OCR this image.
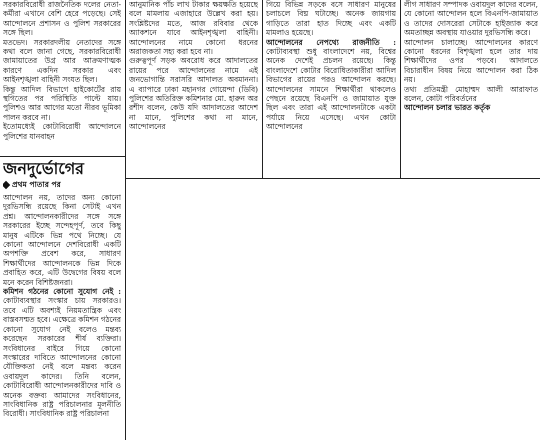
সরকারবিরোধী রাজনৈতিক দলের নেতা-কর্মীরা এখানে বেশি হেরে পড়েছে। সেই আন্দোলনে প্রশাসন ও পুলিশ সরকারের সঙ্গে ছিল।

মতভেদ। সরকারদলীয় নেতাদের সঙ্গে কথা বলে জানা গেছে, সরকারবিরোধী জামায়াতের উগ্র আর আক্রমণাত্মক কারণে একদিন সরকার এবং আইনশৃঙ্খলা বাহিনী সংযত ছিল।

কিন্তু আদিল বিভাগে হাইকোর্টের রায় স্থগিতের পর পরিস্থিতি পাল্টে যায়। পুলিশও আর আগের মতো নীরব ভূমিকা পালন করবে না।

ইতোমধ্যেই কোটাবিরোধী আন্দোলনে পুলিশের যানবাহন

আনুমানিক পাঁচ লাখ টাকার ক্ষয়ক্ষতি হয়েছে বলে মামলায় এজাহারে উল্লেখ করা হয়। সংশ্লিষ্টদের মতে, আজ রবিবার থেকে অ্যাকশনে যাবে আইনশৃঙ্খলা বাহিনী। আন্দোলনের নামে কোনো ধরনের অরাজকতা সহ্য করা হবে না।

গুরুত্বপূর্ণ সড়ক অবরোধ করে আদালতের রায়ের পরে আন্দোলনের নামে এই জনভোগান্তি সরাসরি আদালত অবমাননা। এ ব্যাপারে ঢাকা মহানগর গোয়েন্দা (ডিবি) পুলিশের অতিরিক্ত কমিশনার মো. হারুন অর রশীদ বলেন, কেউ যদি আদালতের আদেশ না মানে, পুলিশের কথা না মানে, আন্দোলনের

গিয়ে বিভিন্ন সড়কে বসে সাধারণ মানুষের চলাচলে বিঘ্ন ঘটাচ্ছে। অনেক জায়গায় গাড়িতে তারা হাত দিচ্ছে এবং একটি মামলাও হয়েছে।

আন্দোলনের নেপথ্যে রাজনীতি : কোটাব্যবস্থা শুধু বাংলাদেশে নয়, বিশ্বের অনেক দেশেই প্রচলন রয়েছে। কিন্তু বাংলাদেশে কোটার বিরোধিতাকারীরা আদিল বিভাগের রায়ের পরও আন্দোলন করছে। আন্দোলনের সামনে শিক্ষার্থীরা থাকলেও পেছনে রয়েছে বিএনপি ও জামায়াত যুক্ত ছিল এবং তারা এই আন্দোলনটাকে একটা পর্যায়ে নিয়ে এসেছে। এখন কোটা আন্দোলনের

লীগ সাধারণ সম্পাদক ওবায়দুল কাদের বলেন, যে কোনো আন্দোলন হলে বিএনপি-জামায়াত ও তাদের দোসরেরা সেটাকে হাইজ্যাক করে অমতাচ্ছন্ন অবস্থায় যাওয়ার দুরভিসন্ধি করে।

আন্দোলন চালাচ্ছে। আন্দোলনের কারণে কোনো ধরনের বিশৃঙ্খলা হলে তার দায় শিক্ষার্থীদের ওপর পড়বে। আদালতে বিচারাধীন বিষয় নিয়ে আন্দোলন করা ঠিক নয়।

তথ্য প্রতিমন্ত্রী মোহাম্মদ আলী আরাফাত বলেন, কোটা পরিবর্তনের

আন্দোলন চলার ভারত কর্তৃক

জনদুর্ভোগের

প্রথম পাতার পর

আন্দোলন নয়, তাদের অন্য কোনো দুরভিসন্ধি রয়েছে কিনা সেটাই এখন প্রশ্ন। আন্দোলনকারীদের সঙ্গে সঙ্গে সরকারের ইচ্ছে সন্দেহপূর্ণ, তবে কিছু মানুষ এটিকে ভিন্ন পথে নিচ্ছে। যে কোনো আন্দোলনে দেশবিরোধী একটি অপশক্তি প্রবেশ করে, সাধারণ শিক্ষার্থীদের আন্দোলনকে ভিন্ন দিকে প্রবাহিত করে, এটি উদ্বেগের বিষয় বলে মনে করেন বিশিষ্টজনরা।

কমিশন গঠনের কোনো সুযোগ নেই : কোটাব্যবস্থার সংস্কার চায় সরকারও। তবে এটি অবশ্যই নিয়মতান্ত্রিক এবং বাস্তবসম্মত হবে। এক্ষেত্রে কমিশন গঠনের কোনো সুযোগ নেই বলেও মন্তব্য করেছেন সরকারের শীর্ষ ব্যক্তিরা। সংবিধানের বাইরে গিয়ে কোনো সংস্কারের দাবিতে আন্দোলনের কোনো যৌক্তিকতা নেই বলে মন্তব্য করেন ওবায়দুল কাদের। তিনি বলেন, কোটাবিরোধী আন্দোলনকারীদের দাবি ও অনেক বক্তব্য আমাদের সংবিধানের, সাংবিধানিক রাষ্ট্র পরিচালনার মূলনীতি বিরোধী। সাংবিধানিক রাষ্ট্র পরিচালনা
